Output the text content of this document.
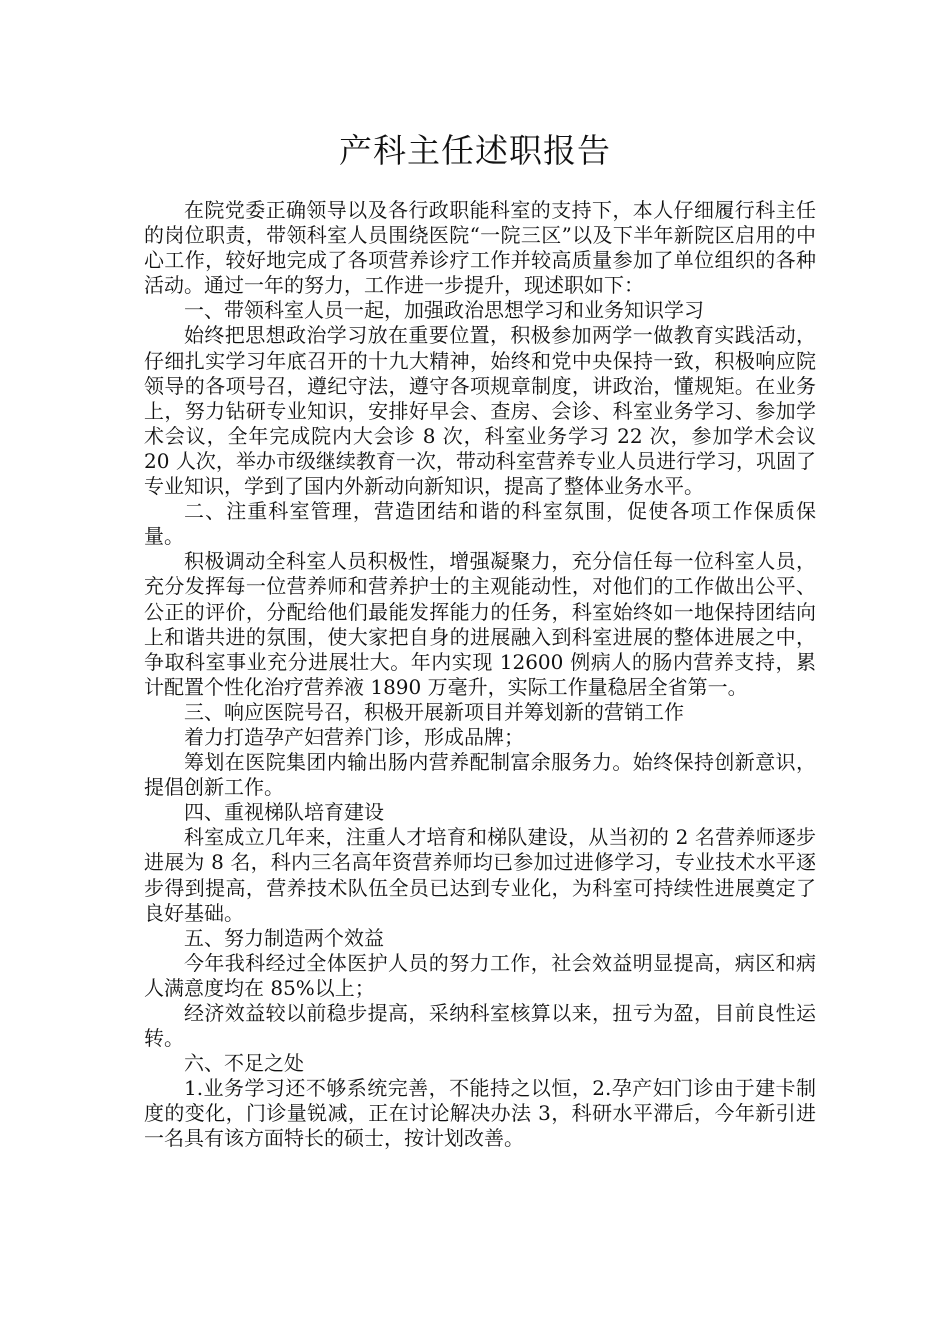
产科主任述职报告

在院党委正确领导以及各行政职能科室的支持下，本人仔细履行科主任的岗位职责，带领科室人员围绕医院“一院三区”以及下半年新院区启用的中心工作，较好地完成了各项营养诊疗工作并较高质量参加了单位组织的各种活动。通过一年的努力，工作进一步提升，现述职如下：

一、带领科室人员一起，加强政治思想学习和业务知识学习

始终把思想政治学习放在重要位置，积极参加两学一做教育实践活动，仔细扎实学习年底召开的十九大精神，始终和党中央保持一致，积极响应院领导的各项号召，遵纪守法，遵守各项规章制度，讲政治，懂规矩。在业务上，努力钻研专业知识，安排好早会、查房、会诊、科室业务学习、参加学术会议，全年完成院内大会诊 8 次，科室业务学习 22 次，参加学术会议 20 人次，举办市级继续教育一次，带动科室营养专业人员进行学习，巩固了专业知识，学到了国内外新动向新知识，提高了整体业务水平。

二、注重科室管理，营造团结和谐的科室氛围，促使各项工作保质保量。

积极调动全科室人员积极性，增强凝聚力，充分信任每一位科室人员，充分发挥每一位营养师和营养护士的主观能动性，对他们的工作做出公平、公正的评价，分配给他们最能发挥能力的任务，科室始终如一地保持团结向上和谐共进的氛围，使大家把自身的进展融入到科室进展的整体进展之中，争取科室事业充分进展壮大。年内实现 12600 例病人的肠内营养支持，累计配置个性化治疗营养液 1890 万毫升，实际工作量稳居全省第一。

三、响应医院号召，积极开展新项目并筹划新的营销工作

着力打造孕产妇营养门诊，形成品牌；

筹划在医院集团内输出肠内营养配制富余服务力。始终保持创新意识，提倡创新工作。

四、重视梯队培育建设

科室成立几年来，注重人才培育和梯队建设，从当初的 2 名营养师逐步进展为 8 名，科内三名高年资营养师均已参加过进修学习，专业技术水平逐步得到提高，营养技术队伍全员已达到专业化，为科室可持续性进展奠定了良好基础。

五、努力制造两个效益

今年我科经过全体医护人员的努力工作，社会效益明显提高，病区和病人满意度均在 85%以上；

经济效益较以前稳步提高，采纳科室核算以来，扭亏为盈，目前良性运转。

六、不足之处

1.业务学习还不够系统完善，不能持之以恒，2.孕产妇门诊由于建卡制度的变化，门诊量锐减，正在讨论解决办法 3，科研水平滞后，今年新引进一名具有该方面特长的硕士，按计划改善。
